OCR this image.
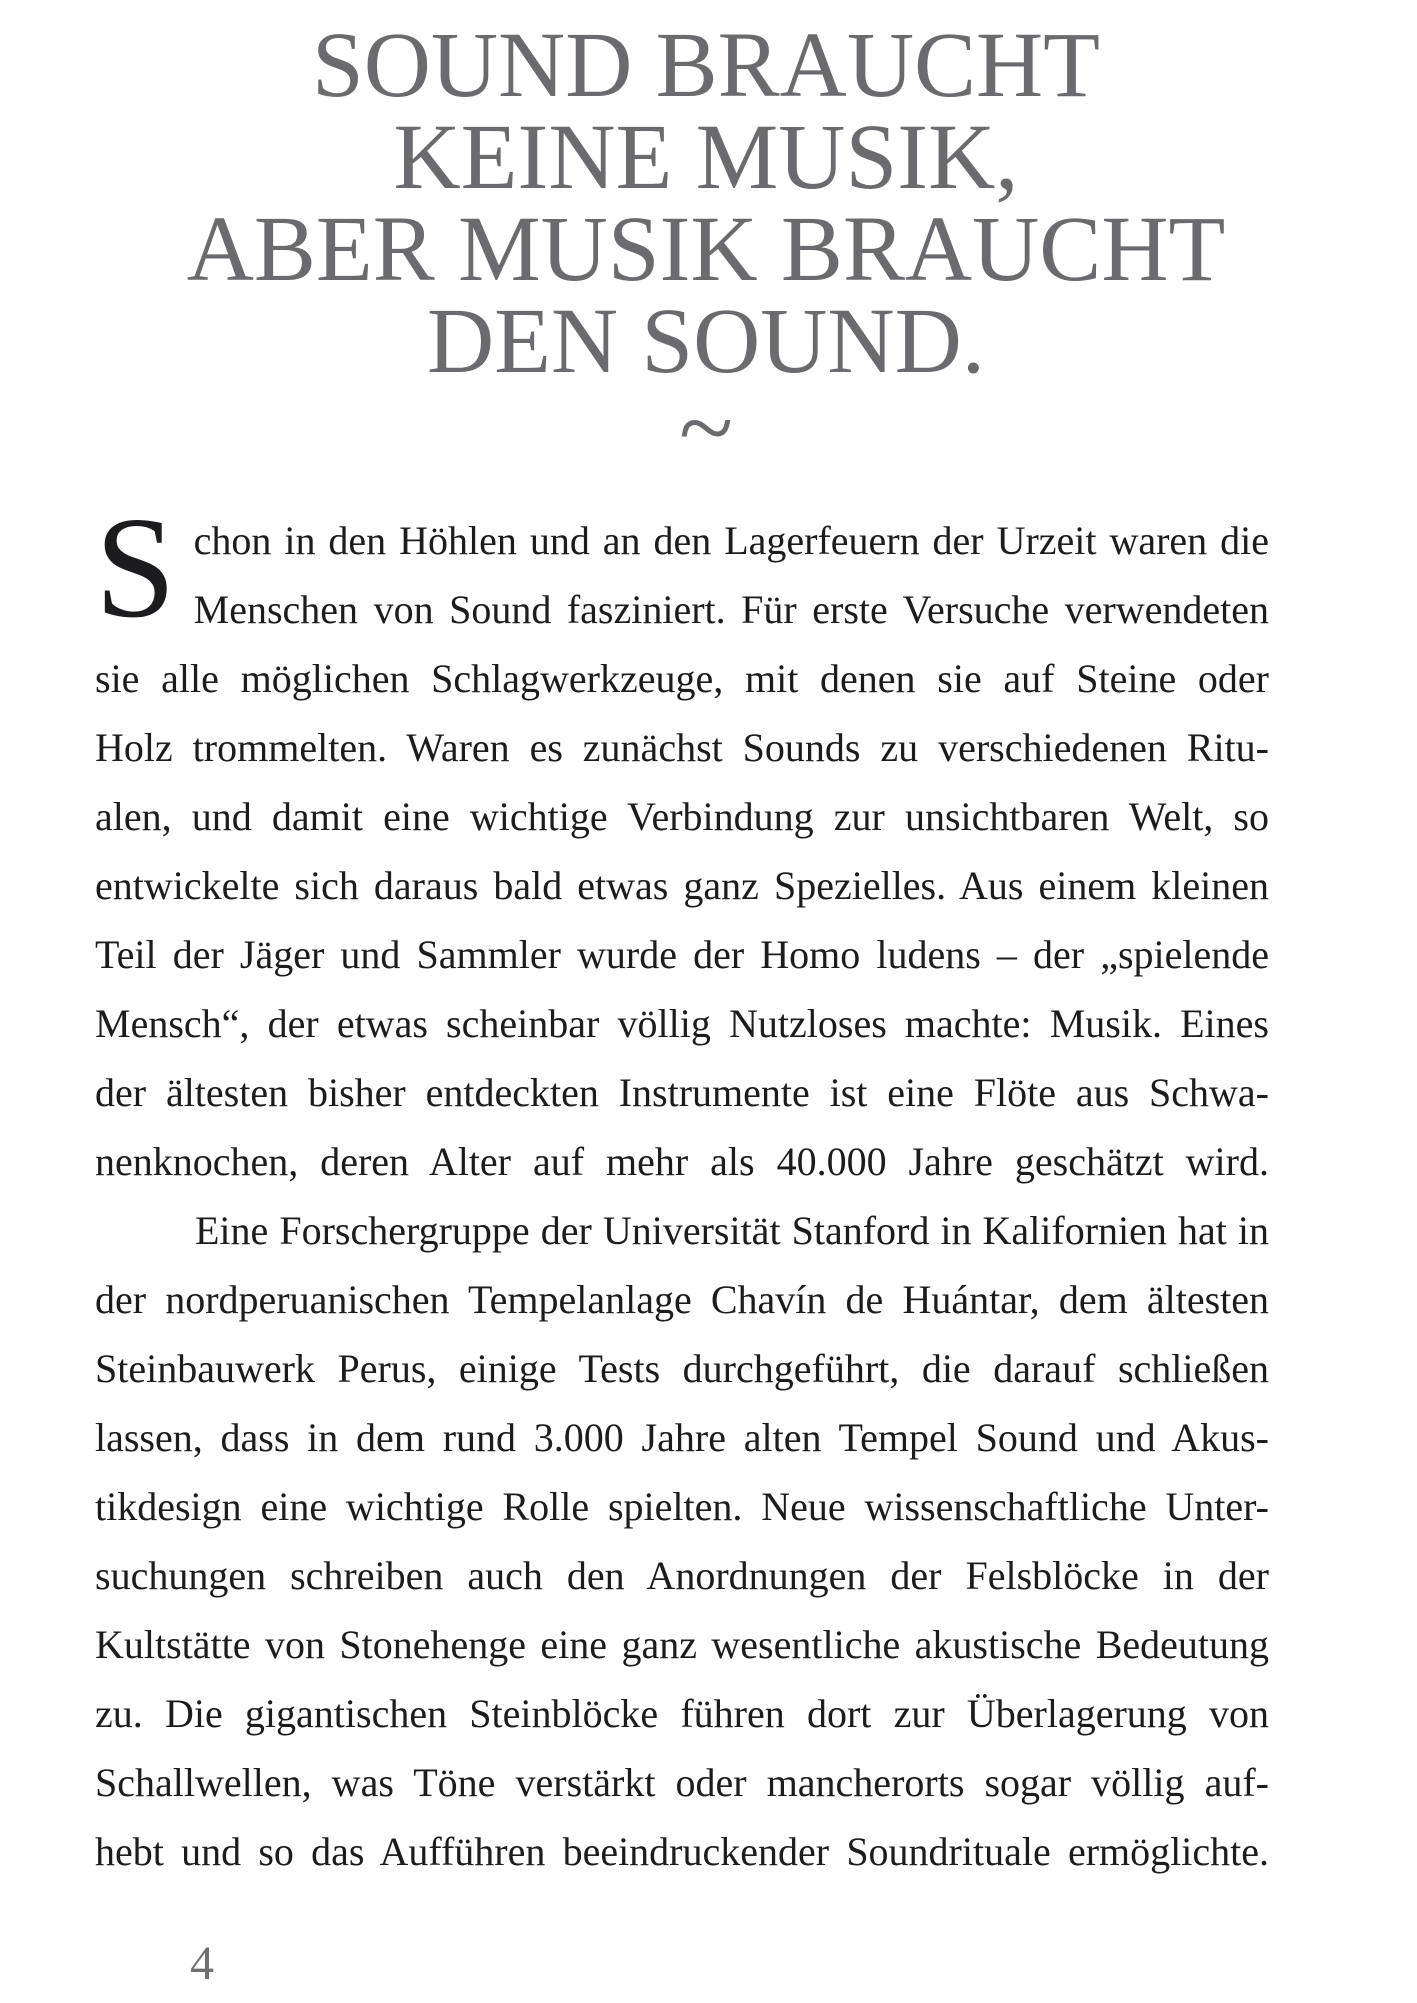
SOUND BRAUCHT
KEINE MUSIK,
ABER MUSIK BRAUCHT
DEN SOUND.
~
S chon in den Höhlen und an den Lagerfeuern der Urzeit waren die
Menschen von Sound fasziniert. Für erste Versuche verwendeten
sie alle möglichen Schlagwerkzeuge, mit denen sie auf Steine oder
Holz trommelten. Waren es zunächst Sounds zu verschiedenen Ritu-
alen, und damit eine wichtige Verbindung zur unsichtbaren Welt, so
entwickelte sich daraus bald etwas ganz Spezielles. Aus einem kleinen
Teil der Jäger und Sammler wurde der Homo ludens – der „spielende
Mensch“, der etwas scheinbar völlig Nutzloses machte: Musik. Eines
der ältesten bisher entdeckten Instrumente ist eine Flöte aus Schwa-
nenknochen, deren Alter auf mehr als 40.000 Jahre geschätzt wird.
Eine Forschergruppe der Universität Stanford in Kalifornien hat in
der nordperuanischen Tempelanlage Chavín de Huántar, dem ältesten
Steinbauwerk Perus, einige Tests durchgeführt, die darauf schließen
lassen, dass in dem rund 3.000 Jahre alten Tempel Sound und Akus-
tikdesign eine wichtige Rolle spielten. Neue wissenschaftliche Unter-
suchungen schreiben auch den Anordnungen der Felsblöcke in der
Kultstätte von Stonehenge eine ganz wesentliche akustische Bedeutung
zu. Die gigantischen Steinblöcke führen dort zur Überlagerung von
Schallwellen, was Töne verstärkt oder mancherorts sogar völlig auf-
hebt und so das Aufführen beeindruckender Soundrituale ermöglichte.
4
